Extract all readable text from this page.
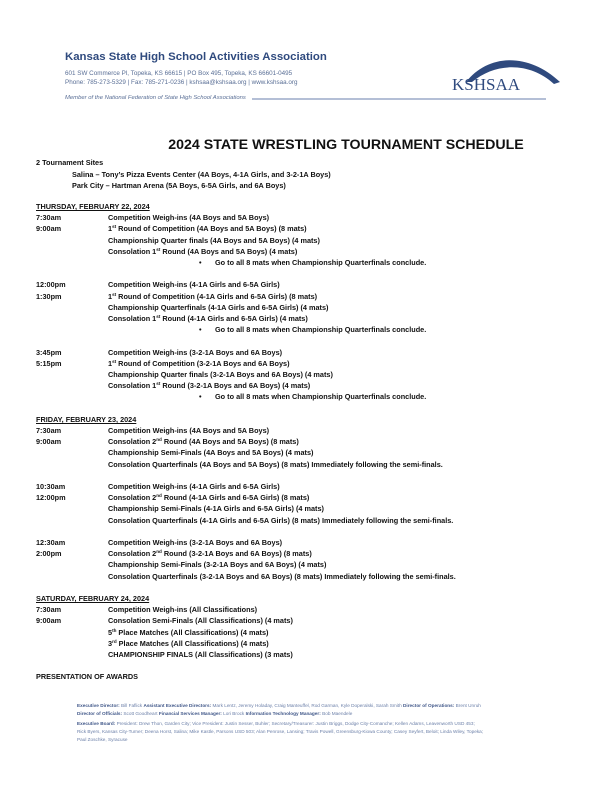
Kansas State High School Activities Association
601 SW Commerce Pl, Topeka, KS 66615 | PO Box 495, Topeka, KS 66601-0495
Phone: 785-273-5329 | Fax: 785-271-0236 | kshsaa@kshsaa.org | www.kshsaa.org
Member of the National Federation of State High School Associations
KSHSAA
2024 STATE WRESTLING TOURNAMENT SCHEDULE
2 Tournament Sites
Salina – Tony’s Pizza Events Center (4A Boys, 4-1A Girls, and 3-2-1A Boys)
Park City – Hartman Arena (5A Boys, 6-5A Girls, and 6A Boys)
THURSDAY, FEBRUARY 22, 2024
7:30am	Competition Weigh-ins (4A Boys and 5A Boys)
9:00am	1st Round of Competition (4A Boys and 5A Boys) (8 mats)
Championship Quarter finals (4A Boys and 5A Boys) (4 mats)
Consolation 1st Round (4A Boys and 5A Boys) (4 mats)
• Go to all 8 mats when Championship Quarterfinals conclude.
12:00pm	Competition Weigh-ins (4-1A Girls and 6-5A Girls)
1:30pm	1st Round of Competition (4-1A Girls and 6-5A Girls) (8 mats)
Championship Quarterfinals (4-1A Girls and 6-5A Girls) (4 mats)
Consolation 1st Round (4-1A Girls and 6-5A Girls) (4 mats)
• Go to all 8 mats when Championship Quarterfinals conclude.
3:45pm	Competition Weigh-ins (3-2-1A Boys and 6A Boys)
5:15pm	1st Round of Competition (3-2-1A Boys and 6A Boys)
Championship Quarter finals (3-2-1A Boys and 6A Boys) (4 mats)
Consolation 1st Round (3-2-1A Boys and 6A Boys) (4 mats)
• Go to all 8 mats when Championship Quarterfinals conclude.
FRIDAY, FEBRUARY 23, 2024
7:30am	Competition Weigh-ins (4A Boys and 5A Boys)
9:00am	Consolation 2nd Round (4A Boys and 5A Boys) (8 mats)
Championship Semi-Finals (4A Boys and 5A Boys) (4 mats)
Consolation Quarterfinals (4A Boys and 5A Boys) (8 mats) Immediately following the semi-finals.
10:30am	Competition Weigh-ins (4-1A Girls and 6-5A Girls)
12:00pm	Consolation 2nd Round (4-1A Girls and 6-5A Girls) (8 mats)
Championship Semi-Finals (4-1A Girls and 6-5A Girls) (4 mats)
Consolation Quarterfinals (4-1A Girls and 6-5A Girls) (8 mats) Immediately following the semi-finals.
12:30am	Competition Weigh-ins (3-2-1A Boys and 6A Boys)
2:00pm	Consolation 2nd Round (3-2-1A Boys and 6A Boys) (8 mats)
Championship Semi-Finals (3-2-1A Boys and 6A Boys) (4 mats)
Consolation Quarterfinals (3-2-1A Boys and 6A Boys) (8 mats) Immediately following the semi-finals.
SATURDAY, FEBRUARY 24, 2024
7:30am	Competition Weigh-ins (All Classifications)
9:00am	Consolation Semi-Finals (All Classifications) (4 mats)
5th Place Matches (All Classifications) (4 mats)
3rd Place Matches (All Classifications) (4 mats)
CHAMPIONSHIP FINALS (All Classifications) (3 mats)
PRESENTATION OF AWARDS
Executive Director: Bill Faflick Assistant Executive Directors: Mark Lentz, Jeremy Holaday, Craig Manteuffel, Rod Garman, Kyle Doperalski, Sarah Smith Director of Operations: Brent Unruh
Director of Officials: Scott Goodheart Financial Services Manager: Lori Brock Information Technology Manager: Bob Maendele
Executive Board: President: Drew Thon, Garden City; Vice President: Justin Sesser, Buhler; Secretary/Treasurer: Justin Briggs, Dodge City-Comanche; Kellen Adams, Leavenworth USD 453;
Rick Byers, Kansas City-Turner; Deena Horst, Salina; Mike Kastle, Parsons USD 503; Alan Penrose, Lansing; Travis Powell, Greensburg-Kiowa County; Casey Seyfert, Beloit; Linda Wiley, Topeka;
Paul Zoschke, Syracuse
